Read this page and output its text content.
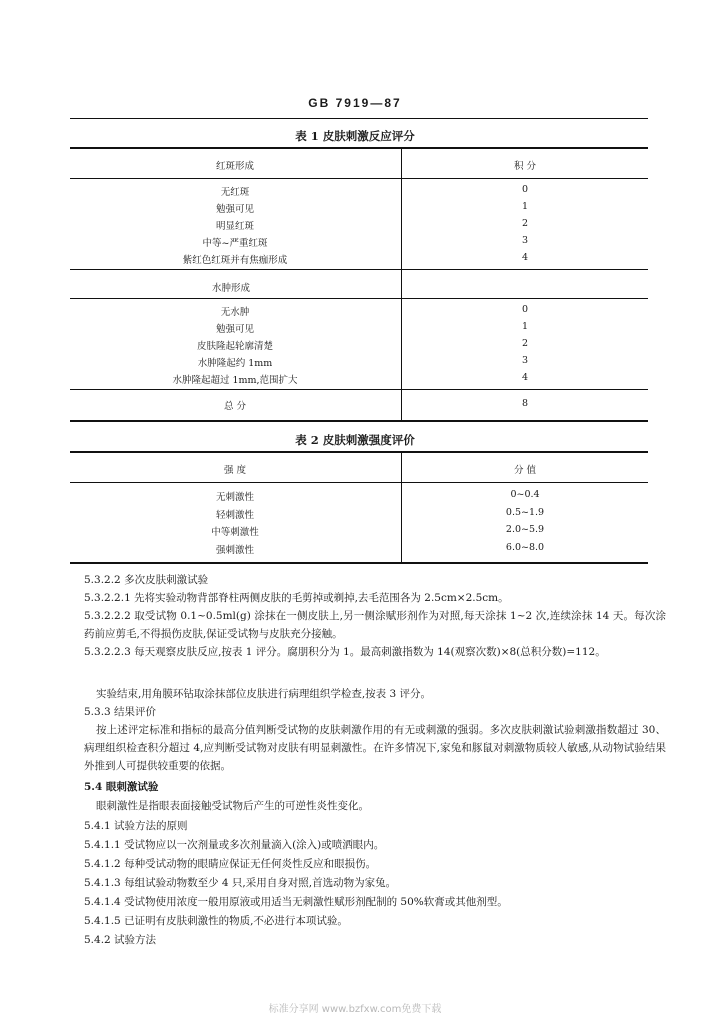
GB 7919—87
表 1 皮肤刺激反应评分
红斑形成	积 分
无红斑	0
勉强可见	1
明显红斑	2
中等~严重红斑	3
紫红色红斑并有焦痂形成	4
水肿形成
无水肿	0
勉强可见	1
皮肤隆起轮廓清楚	2
水肿隆起约 1mm	3
水肿隆起超过 1mm,范围扩大	4
总 分	8
表 2 皮肤刺激强度评价
强 度	分 值
无刺激性	0~0.4
轻刺激性	0.5~1.9
中等刺激性	2.0~5.9
强刺激性	6.0~8.0
5.3.2.2 多次皮肤刺激试验
5.3.2.2.1 先将实验动物背部脊柱两侧皮肤的毛剪掉或剃掉,去毛范围各为 2.5cm×2.5cm。
5.3.2.2.2 取受试物 0.1~0.5ml(g) 涂抹在一侧皮肤上,另一侧涂赋形剂作为对照,每天涂抹 1~2 次,连续涂抹 14 天。每次涂药前应剪毛,不得损伤皮肤,保证受试物与皮肤充分接触。
5.3.2.2.3 每天观察皮肤反应,按表 1 评分。腐朋积分为 1。最高刺激指数为 14(观察次数)×8(总积分数)=112。
实验结束,用角膜环钻取涂抹部位皮肤进行病理组织学检查,按表 3 评分。
5.3.3 结果评价
按上述评定标准和指标的最高分值判断受试物的皮肤刺激作用的有无或刺激的强弱。多次皮肤刺激试验刺激指数超过 30、病理组织检查积分超过 4,应判断受试物对皮肤有明显刺激性。在许多情况下,家兔和豚鼠对刺激物质较人敏感,从动物试验结果外推到人可提供较重要的依据。
5.4 眼刺激试验
眼刺激性是指眼表面接触受试物后产生的可逆性炎性变化。
5.4.1 试验方法的原则
5.4.1.1 受试物应以一次剂量或多次剂量滴入(涂入)或喷洒眼内。
5.4.1.2 每种受试动物的眼睛应保证无任何炎性反应和眼损伤。
5.4.1.3 每组试验动物数至少 4 只,采用自身对照,首选动物为家兔。
5.4.1.4 受试物使用浓度一般用原液或用适当无刺激性赋形剂配制的 50%软膏或其他剂型。
5.4.1.5 已证明有皮肤刺激性的物质,不必进行本项试验。
5.4.2 试验方法
标准分享网 www.bzfxw.com免费下载
